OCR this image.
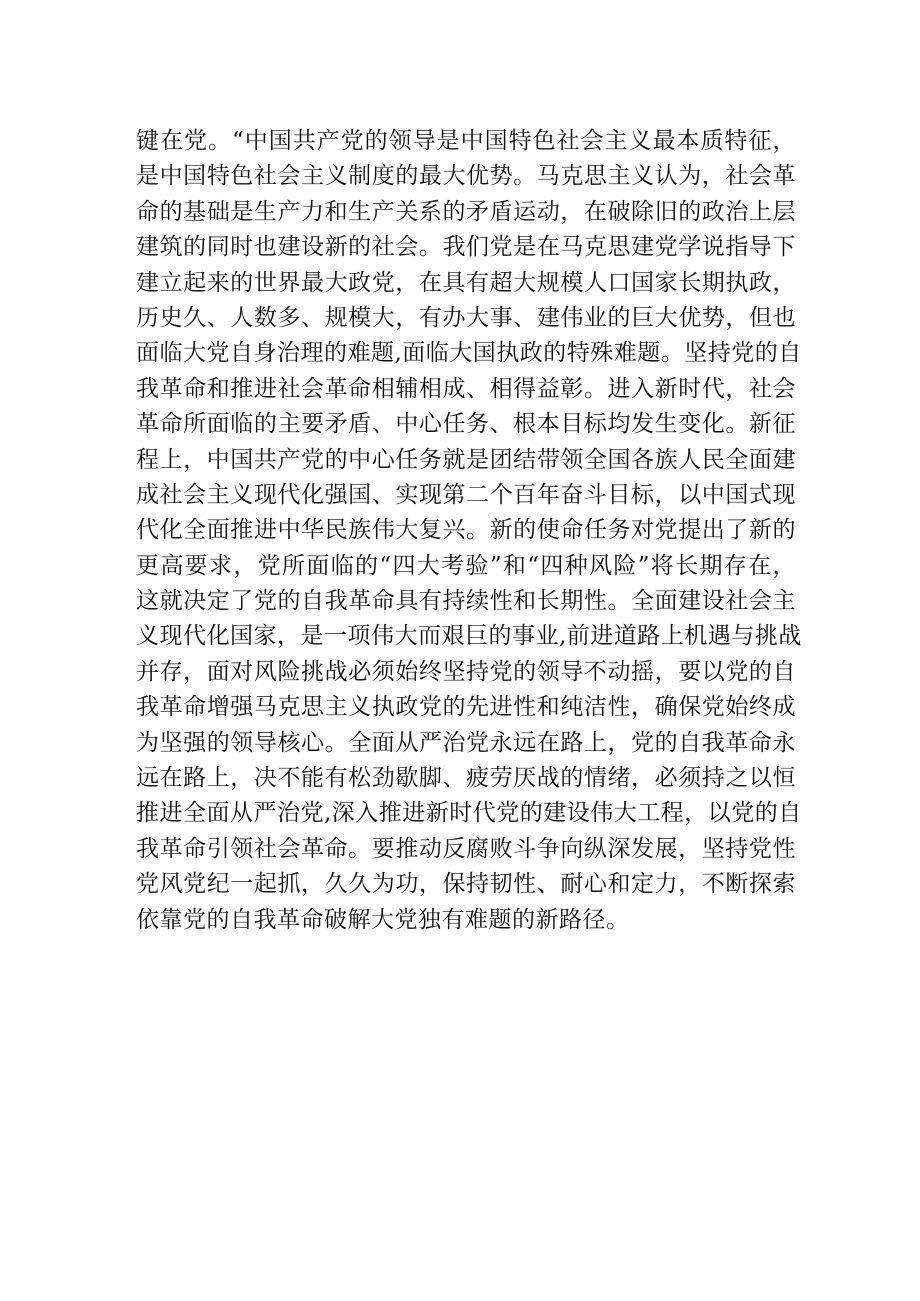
键在党。“中国共产党的领导是中国特色社会主义最本质特征，
是中国特色社会主义制度的最大优势。马克思主义认为，社会革
命的基础是生产力和生产关系的矛盾运动，在破除旧的政治上层
建筑的同时也建设新的社会。我们党是在马克思建党学说指导下
建立起来的世界最大政党，在具有超大规模人口国家长期执政，
历史久、人数多、规模大，有办大事、建伟业的巨大优势，但也
面临大党自身治理的难题,面临大国执政的特殊难题。坚持党的自
我革命和推进社会革命相辅相成、相得益彰。进入新时代，社会
革命所面临的主要矛盾、中心任务、根本目标均发生变化。新征
程上，中国共产党的中心任务就是团结带领全国各族人民全面建
成社会主义现代化强国、实现第二个百年奋斗目标，以中国式现
代化全面推进中华民族伟大复兴。新的使命任务对党提出了新的
更高要求，党所面临的“四大考验”和“四种风险”将长期存在，
这就决定了党的自我革命具有持续性和长期性。全面建设社会主
义现代化国家，是一项伟大而艰巨的事业,前进道路上机遇与挑战
并存，面对风险挑战必须始终坚持党的领导不动摇，要以党的自
我革命增强马克思主义执政党的先进性和纯洁性，确保党始终成
为坚强的领导核心。全面从严治党永远在路上，党的自我革命永
远在路上，决不能有松劲歇脚、疲劳厌战的情绪，必须持之以恒
推进全面从严治党,深入推进新时代党的建设伟大工程，以党的自
我革命引领社会革命。要推动反腐败斗争向纵深发展，坚持党性
党风党纪一起抓，久久为功，保持韧性、耐心和定力，不断探索
依靠党的自我革命破解大党独有难题的新路径。
